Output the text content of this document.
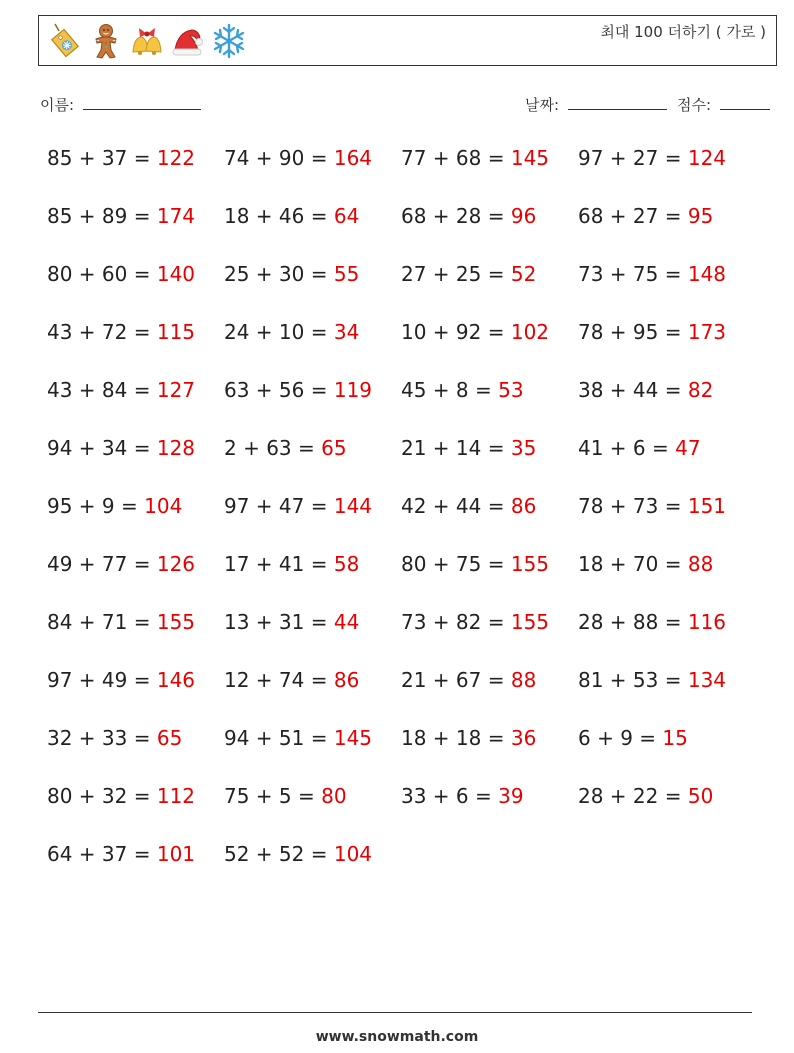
최대 100 더하기 ( 가로 )
이름:	날짜:	점수:
85 + 37 = 122 74 + 90 = 164 77 + 68 = 145 97 + 27 = 124
85 + 89 = 174 18 + 46 = 64 68 + 28 = 96 68 + 27 = 95
80 + 60 = 140 25 + 30 = 55 27 + 25 = 52 73 + 75 = 148
43 + 72 = 115 24 + 10 = 34 10 + 92 = 102 78 + 95 = 173
43 + 84 = 127 63 + 56 = 119 45 + 8 = 53	38 + 44 = 82
94 + 34 = 128 2 + 63 = 65	21 + 14 = 35 41 + 6 = 47
95 + 9 = 104 97 + 47 = 144 42 + 44 = 86 78 + 73 = 151
49 + 77 = 126 17 + 41 = 58 80 + 75 = 155 18 + 70 = 88
84 + 71 = 155 13 + 31 = 44 73 + 82 = 155 28 + 88 = 116
97 + 49 = 146 12 + 74 = 86 21 + 67 = 88 81 + 53 = 134
32 + 33 = 65 94 + 51 = 145 18 + 18 = 36 6 + 9 = 15
80 + 32 = 112 75 + 5 = 80	33 + 6 = 39	28 + 22 = 50
64 + 37 = 101 52 + 52 = 104
www.snowmath.com
